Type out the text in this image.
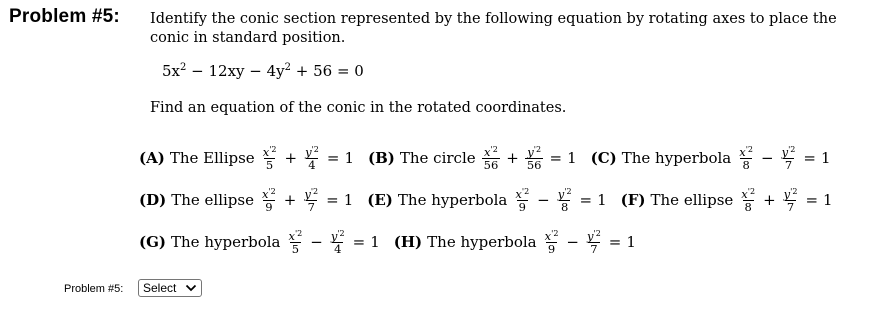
Problem #5: Identify the conic section represented by the following equation by rotating axes to place the conic in standard position.
$5x^2 - 12xy - 4y^2 + 56 = 0$
Find an equation of the conic in the rotated coordinates.
(A) The Ellipse $\frac{x^{'2}}{5} + \frac{y^{'2}}{4} = 1$ (B) The circle $\frac{x^{'2}}{56} + \frac{y^{'2}}{56} = 1$ (C) The hyperbola $\frac{x^{'2}}{8} - \frac{y^{'2}}{7} = 1$
(D) The ellipse $\frac{x^{'2}}{9} + \frac{y^{'2}}{7} = 1$ (E) The hyperbola $\frac{x^{'2}}{9} - \frac{y^{'2}}{8} = 1$ (F) The ellipse $\frac{x^{'2}}{8} + \frac{y^{'2}}{7} = 1$
(G) The hyperbola $\frac{x^{'2}}{5} - \frac{y^{'2}}{4} = 1$ (H) The hyperbola $\frac{x^{'2}}{9} - \frac{y^{'2}}{7} = 1$
Problem #5: Select
